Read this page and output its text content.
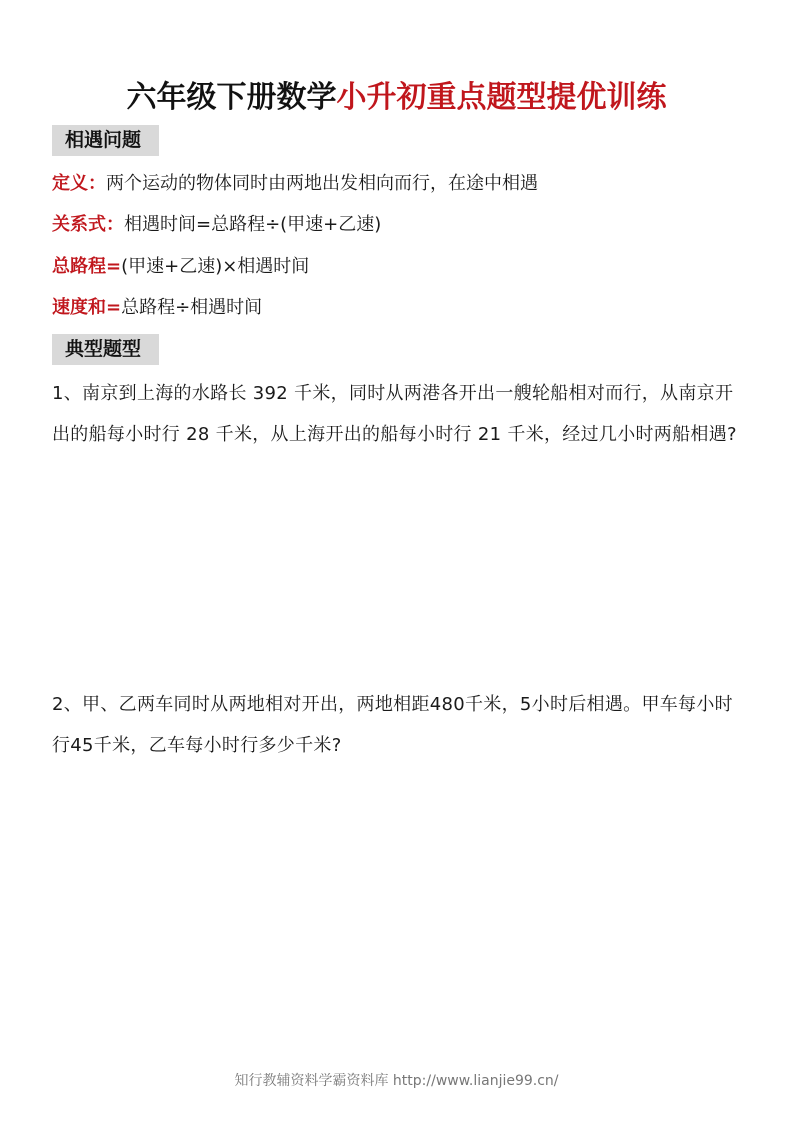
六年级下册数学小升初重点题型提优训练
相遇问题
定义：两个运动的物体同时由两地出发相向而行，在途中相遇
关系式：相遇时间=总路程÷(甲速+乙速)
总路程=(甲速+乙速)×相遇时间
速度和=总路程÷相遇时间
典型题型
1、南京到上海的水路长 392 千米，同时从两港各开出一艘轮船相对而行，从南京开出的船每小时行 28 千米，从上海开出的船每小时行 21 千米，经过几小时两船相遇?
2、甲、乙两车同时从两地相对开出，两地相距480千米，5小时后相遇。甲车每小时行45千米，乙车每小时行多少千米?
知行教辅资料学霸资料库 http://www.lianjie99.cn/
